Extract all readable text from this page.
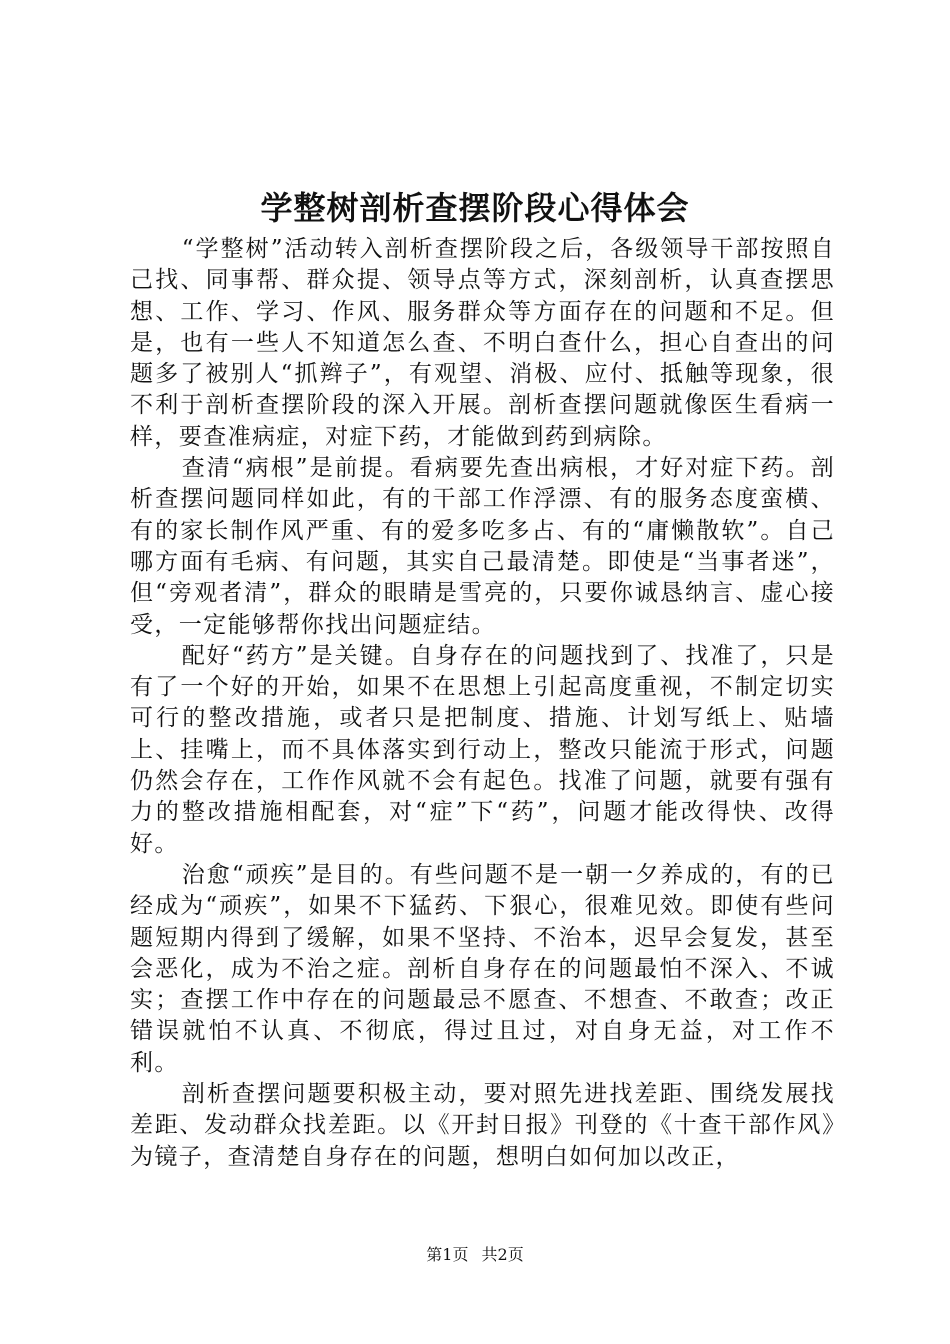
学整树剖析查摆阶段心得体会

“学整树”活动转入剖析查摆阶段之后，各级领导干部按照自己找、同事帮、群众提、领导点等方式，深刻剖析，认真查摆思想、工作、学习、作风、服务群众等方面存在的问题和不足。但是，也有一些人不知道怎么查、不明白查什么，担心自查出的问题多了被别人“抓辫子”，有观望、消极、应付、抵触等现象，很不利于剖析查摆阶段的深入开展。剖析查摆问题就像医生看病一样，要查准病症，对症下药，才能做到药到病除。

查清“病根”是前提。看病要先查出病根，才好对症下药。剖析查摆问题同样如此，有的干部工作浮漂、有的服务态度蛮横、有的家长制作风严重、有的爱多吃多占、有的“庸懒散软”。自己哪方面有毛病、有问题，其实自己最清楚。即使是“当事者迷”，但“旁观者清”，群众的眼睛是雪亮的，只要你诚恳纳言、虚心接受，一定能够帮你找出问题症结。

配好“药方”是关键。自身存在的问题找到了、找准了，只是有了一个好的开始，如果不在思想上引起高度重视，不制定切实可行的整改措施，或者只是把制度、措施、计划写纸上、贴墙上、挂嘴上，而不具体落实到行动上，整改只能流于形式，问题仍然会存在，工作作风就不会有起色。找准了问题，就要有强有力的整改措施相配套，对“症”下“药”，问题才能改得快、改得好。

治愈“顽疾”是目的。有些问题不是一朝一夕养成的，有的已经成为“顽疾”，如果不下猛药、下狠心，很难见效。即使有些问题短期内得到了缓解，如果不坚持、不治本，迟早会复发，甚至会恶化，成为不治之症。剖析自身存在的问题最怕不深入、不诚实；查摆工作中存在的问题最忌不愿查、不想查、不敢查；改正错误就怕不认真、不彻底，得过且过，对自身无益，对工作不利。

剖析查摆问题要积极主动，要对照先进找差距、围绕发展找差距、发动群众找差距。以《开封日报》刊登的《十查干部作风》为镜子，查清楚自身存在的问题，想明白如何加以改正，

第1页 共2页
